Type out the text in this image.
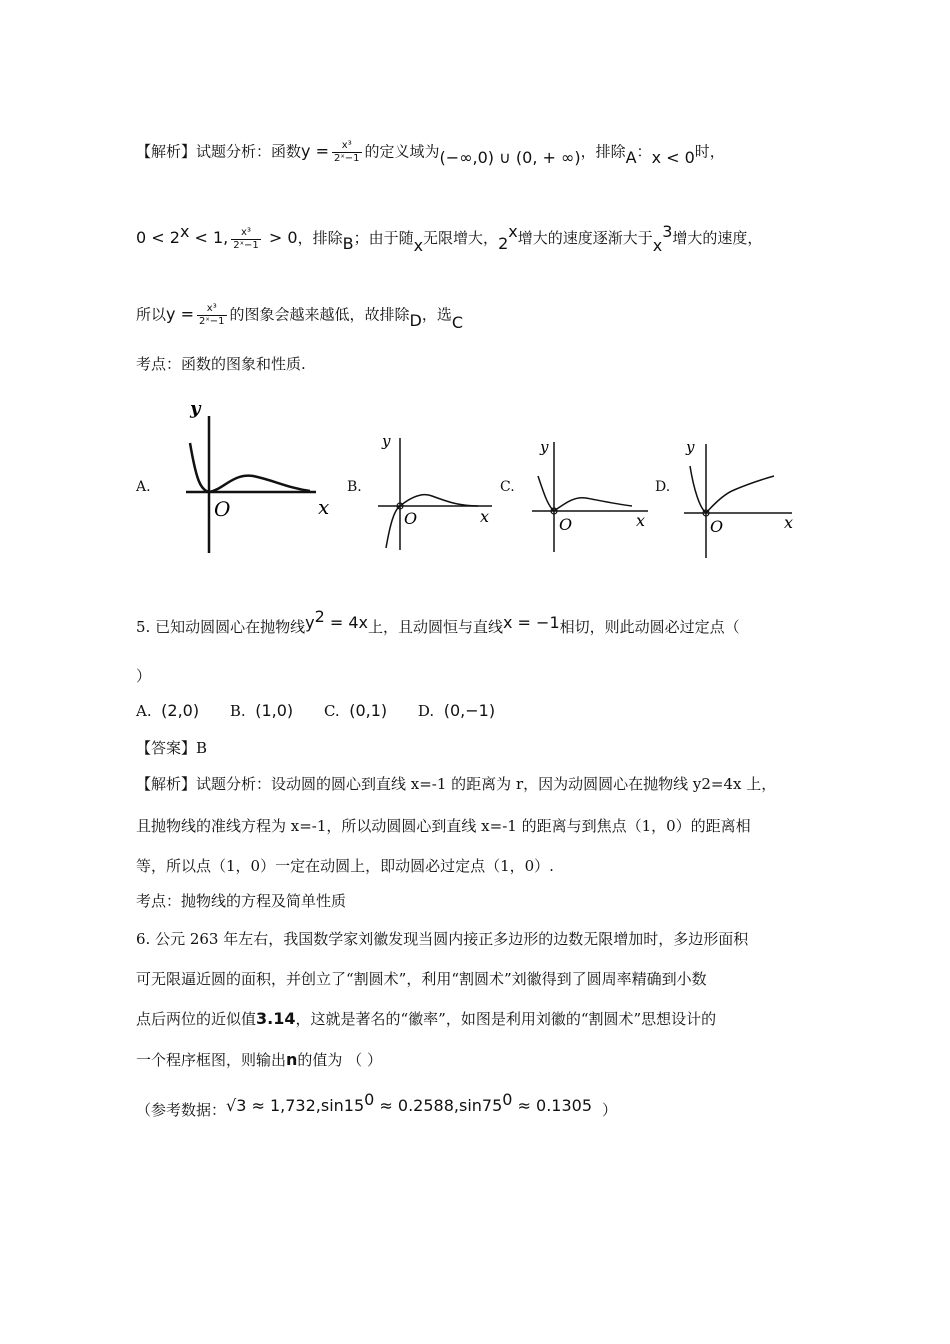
【解析】试题分析：函数$y = \frac{\text{x³}}{\text{2ˣ−1}}$ 的定义域为(−∞,0) ∪ (0, + ∞)，排除A：x < 0时，
$0 < 2^x < 1$, $\frac{\text{x³}}{\text{2ˣ−1}} > 0$，排除B；由于随x无限增大，2$^x$增大的速度逐渐大于$x^3$增大的速度，
所以$y = \frac{\text{x³}}{\text{2ˣ−1}}$ 的图象会越来越低，故排除D，选C
考点：函数的图象和性质.
A.
y
O	x
B.
y
O	x
C.
y
O	x
D.
y
O	x
5. 已知动圆圆心在抛物线$y^2 = 4x$上，且动圆恒与直线x = −1相切，则此动圆必过定点（
）
A. (2,0) B. (1,0) C. (0,1) D. (0,−1)
【答案】B
【解析】试题分析：设动圆的圆心到直线 x=-1 的距离为 r，因为动圆圆心在抛物线 y2=4x 上，
且抛物线的准线方程为 x=-1，所以动圆圆心到直线 x=-1 的距离与到焦点（1，0）的距离相
等，所以点（1，0）一定在动圆上，即动圆必过定点（1，0）.
考点：抛物线的方程及简单性质
6. 公元 263 年左右，我国数学家刘徽发现当圆内接正多边形的边数无限增加时，多边形面积
可无限逼近圆的面积，并创立了“割圆术”，利用“割圆术”刘徽得到了圆周率精确到小数
点后两位的近似值3.14，这就是著名的“徽率”，如图是利用刘徽的“割圆术”思想设计的
一个程序框图，则输出n的值为 （ ）
（参考数据：$√3 \approx 1,732,\sin 15^0 \approx 0.2588,\sin 75^0 \approx 0.1305$ ）
